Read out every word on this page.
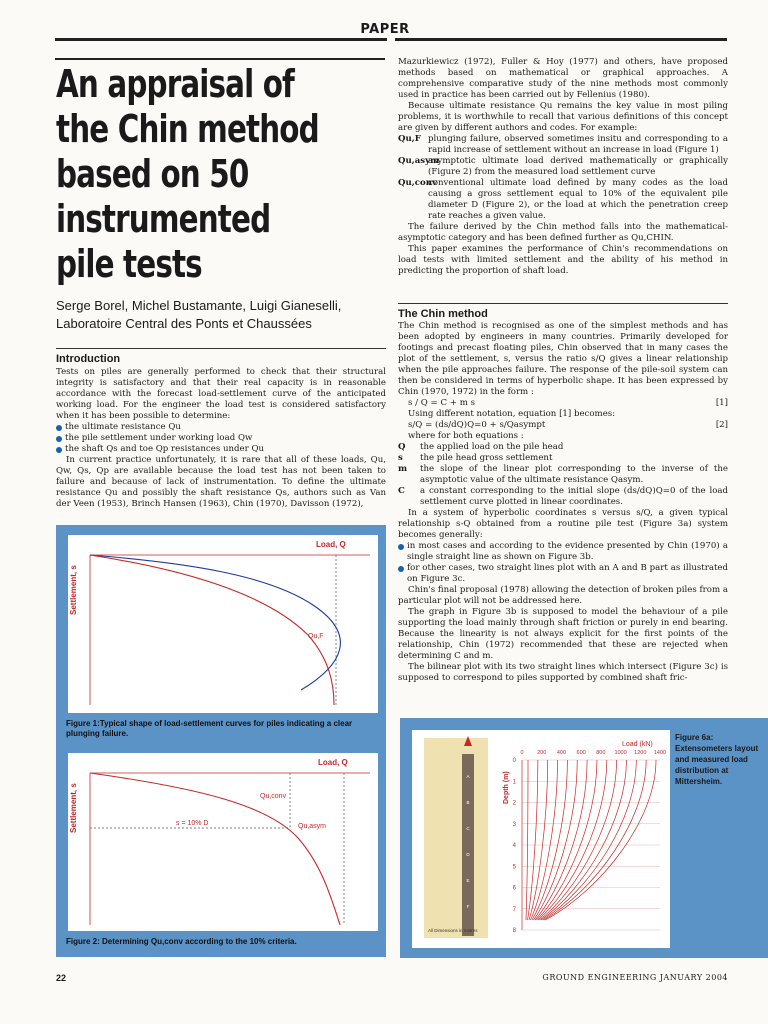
PAPER
An appraisal of
the Chin method
based on 50
instrumented
pile tests
Serge Borel, Michel Bustamante, Luigi Gianeselli,
Laboratoire Central des Ponts et Chaussées
Introduction

Tests on piles are generally performed to check that their structural integrity is satisfactory and that their real capacity is in reasonable accordance with the forecast load-settlement curve of the anticipated working load. For the engineer the load test is considered satisfactory when it has been possible to determine:

the ultimate resistance Qu
the pile settlement under working load Qw
the shaft Qs and toe Qp resistances under Qu

In current practice unfortunately, it is rare that all of these loads, Qu, Qw, Qs, Qp are available because the load test has not been taken to failure and because of lack of instrumentation. To define the ultimate resistance Qu and possibly the shaft resistance Qs, authors such as Van der Veen (1953), Brinch Hansen (1963), Chin (1970), Davisson (1972),

Load, Q
Settlement, s
Qu,F
Figure 1:Typical shape of load-settlement curves for piles indicating a clear plunging failure.
Load, Q
Settlement, s	Qu,conv
Qu,asym
s = 10% D
Figure 2: Determining Qu,conv according to the 10% criteria.

Mazurkiewicz (1972), Fuller & Hoy (1977) and others, have proposed methods based on mathematical or graphical approaches. A comprehensive comparative study of the nine methods most commonly used in practice has been carried out by Fellenius (1980).

Because ultimate resistance Qu remains the key value in most piling problems, it is worthwhile to recall that various definitions of this concept are given by different authors and codes. For example:

Qu,F plunging failure, observed sometimes insitu and corresponding to a rapid increase of settlement without an increase in load (Figure 1)
Qu,asym
asymptotic ultimate load derived mathematically or graphically (Figure 2) from the measured load settlement curve
Qu,conv
conventional ultimate load defined by many codes as the load causing a gross settlement equal to 10% of the equivalent pile diameter D (Figure 2), or the load at which the penetration creep rate reaches a given value.

The failure derived by the Chin method falls into the mathematical-asymptotic category and has been defined further as Qu,CHIN.

This paper examines the performance of Chin's recommendations on load tests with limited settlement and the ability of his method in predicting the proportion of shaft load.

The Chin method

The Chin method is recognised as one of the simplest methods and has been adopted by engineers in many countries. Primarily developed for footings and precast floating piles, Chin observed that in many cases the plot of the settlement, s, versus the ratio s/Q gives a linear relationship when the pile approaches failure. The response of the pile-soil system can then be considered in terms of hyperbolic shape. It has been expressed by Chin (1970, 1972) in the form :

s / Q = C + m s	[1]

Using different notation, equation [1] becomes:

s/Q = (ds/dQ)Q=0 + s/Qasympt	[2]

where for both equations :

Q	the applied load on the pile head
s	the pile head gross settlement
m	the slope of the linear plot corresponding to the inverse of the asymptotic value of the ultimate resistance Qasym.
C	a constant corresponding to the initial slope (ds/dQ)Q=0 of the load settlement curve plotted in linear coordinates.

In a system of hyperbolic coordinates s versus s/Q, a given typical relationship s-Q obtained from a routine pile test (Figure 3a) system becomes generally:

in most cases and according to the evidence presented by Chin (1970) a single straight line as shown on Figure 3b.
for other cases, two straight lines plot with an A and B part as illustrated on Figure 3c.

Chin's final proposal (1978) allowing the detection of broken piles from a particular plot will not be addressed here.

The graph in Figure 3b is supposed to model the behaviour of a pile supporting the load mainly through shaft friction or purely in end bearing. Because the linearity is not always explicit for the first points of the relationship, Chin (1972) recommended that these are rejected when determining C and m.

The bilinear plot with its two straight lines which intersect (Figure 3c) is supposed to correspond to piles supported by combined shaft fric-

All Dimensions in metres
A
B
C
D
E
F
Load (kN)
Depth (m)
0 200 400 600 800 1000 1200 1400
0
1
2
3
4
5
6
7
8
Figure 6a: Extensometers layout and measured load distribution at Mittersheim.
22	GROUND ENGINEERING JANUARY 2004
